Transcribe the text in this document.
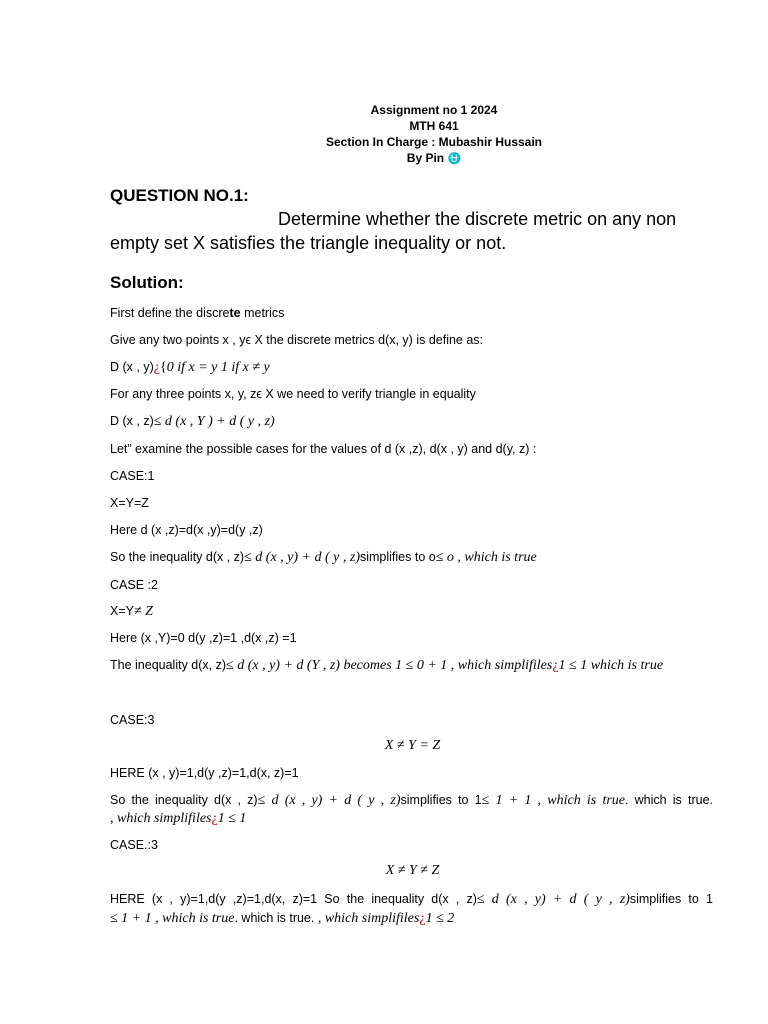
Assignment no 1 2024
MTH 641
Section In Charge : Mubashir Hussain
By Pin ⛎
QUESTION NO.1:
Determine whether the discrete metric on any non
empty set X satisfies the triangle inequality or not.
Solution:
First define the discrete metrics
Give any two points x , yϵ X the discrete metrics d(x, y) is define as:
D (x , y)¿{0 if x = y 1 if x ≠ y
For any three points x, y, zϵ X we need to verify triangle in equality
D (x , z)≤ d (x , Y ) + d ( y , z)
Let” examine the possible cases for the values of d (x ,z), d(x , y) and d(y, z) :
CASE:1
X=Y=Z
Here d (x ,z)=d(x ,y)=d(y ,z)
So the inequality d(x , z)≤ d (x , y) + d ( y , z)simplifies to o≤ o , which is true
CASE :2
X=Y≠ Z
Here (x ,Y)=0 d(y ,z)=1 ,d(x ,z) =1
The inequality d(x, z)≤ d (x , y) + d (Y , z) becomes 1 ≤ 0 + 1 , which simplifiles¿1 ≤ 1 which is true
CASE:3
X ≠ Y = Z
HERE (x , y)=1,d(y ,z)=1,d(x, z)=1
So the inequality d(x , z)≤ d (x , y) + d ( y , z)simplifies to 1≤ 1 + 1 , which is true. which is true.
, which simplifiles¿1 ≤ 1
CASE.:3
X ≠ Y ≠ Z
HERE (x , y)=1,d(y ,z)=1,d(x, z)=1 So the inequality d(x , z)≤ d (x , y) + d ( y , z)simplifies to 1
≤ 1 + 1 , which is true. which is true. , which simplifiles¿1 ≤ 2
